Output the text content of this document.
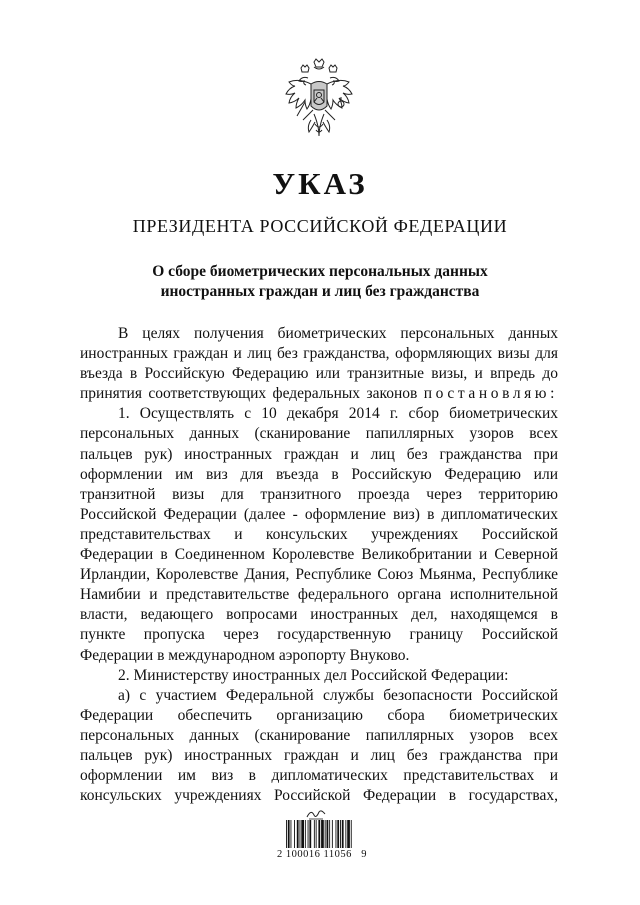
УКАЗ
ПРЕЗИДЕНТА РОССИЙСКОЙ ФЕДЕРАЦИИ
О сборе биометрических персональных данных
иностранных граждан и лиц без гражданства
В целях получения биометрических персональных данных
иностранных граждан и лиц без гражданства, оформляющих визы для
въезда в Российскую Федерацию или транзитные визы, и впредь до
принятия соответствующих федеральных законов постановляю:
1. Осуществлять с 10 декабря 2014 г. сбор биометрических
персональных данных (сканирование папиллярных узоров всех
пальцев рук) иностранных граждан и лиц без гражданства при
оформлении им виз для въезда в Российскую Федерацию или
транзитной визы для транзитного проезда через территорию
Российской Федерации (далее - оформление виз) в дипломатических
представительствах и консульских учреждениях Российской
Федерации в Соединенном Королевстве Великобритании и Северной
Ирландии, Королевстве Дания, Республике Союз Мьянма, Республике
Намибии и представительстве федерального органа исполнительной
власти, ведающего вопросами иностранных дел, находящемся в
пункте пропуска через государственную границу Российской
Федерации в международном аэропорту Внуково.
2. Министерству иностранных дел Российской Федерации:
а) с участием Федеральной службы безопасности Российской
Федерации обеспечить организацию сбора биометрических
персональных данных (сканирование папиллярных узоров всех
пальцев рук) иностранных граждан и лиц без гражданства при
оформлении им виз в дипломатических представительствах и
консульских учреждениях Российской Федерации в государствах,
2 100016 11056   9
